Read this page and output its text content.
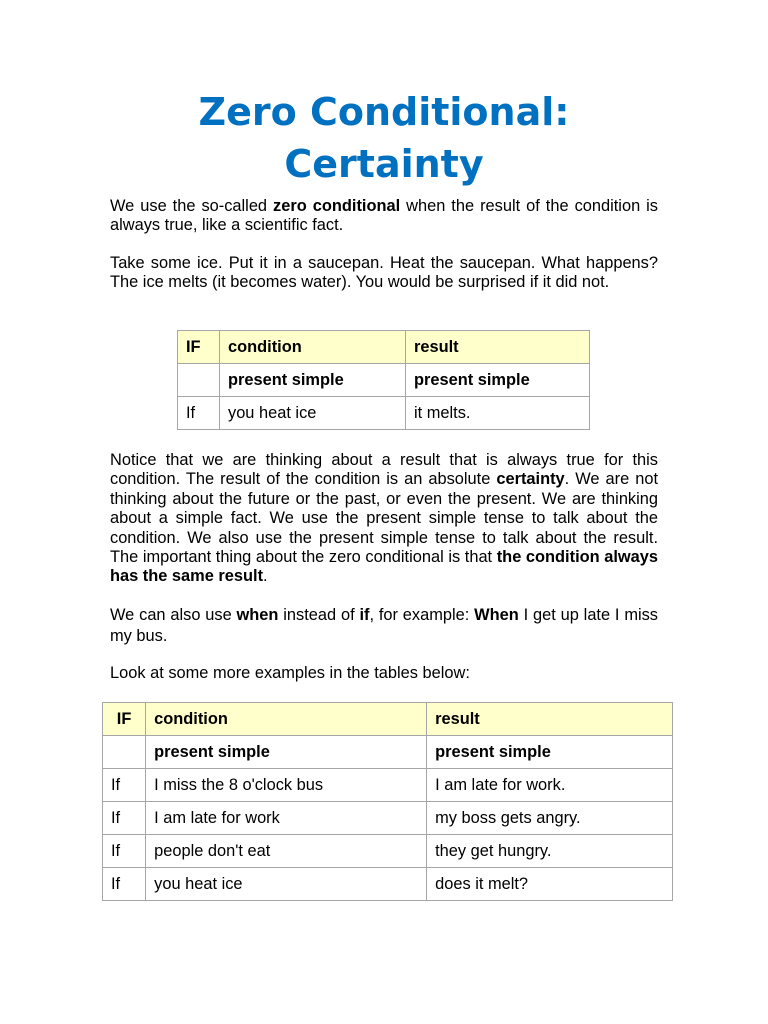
Zero Conditional:
Certainty

We use the so-called zero conditional when the result of the condition is always true, like a scientific fact.

Take some ice. Put it in a saucepan. Heat the saucepan. What happens? The ice melts (it becomes water). You would be surprised if it did not.

IF	condition	result
	present simple	present simple
If	you heat ice	it melts.

Notice that we are thinking about a result that is always true for this condition. The result of the condition is an absolute certainty. We are not thinking about the future or the past, or even the present. We are thinking about a simple fact. We use the present simple tense to talk about the condition. We also use the present simple tense to talk about the result. The important thing about the zero conditional is that the condition always has the same result.

We can also use when instead of if, for example: When I get up late I miss my bus.

Look at some more examples in the tables below:

IF	condition	result
	present simple	present simple
If	I miss the 8 o'clock bus	I am late for work.
If	I am late for work	my boss gets angry.
If	people don't eat	they get hungry.
If	you heat ice	does it melt?
